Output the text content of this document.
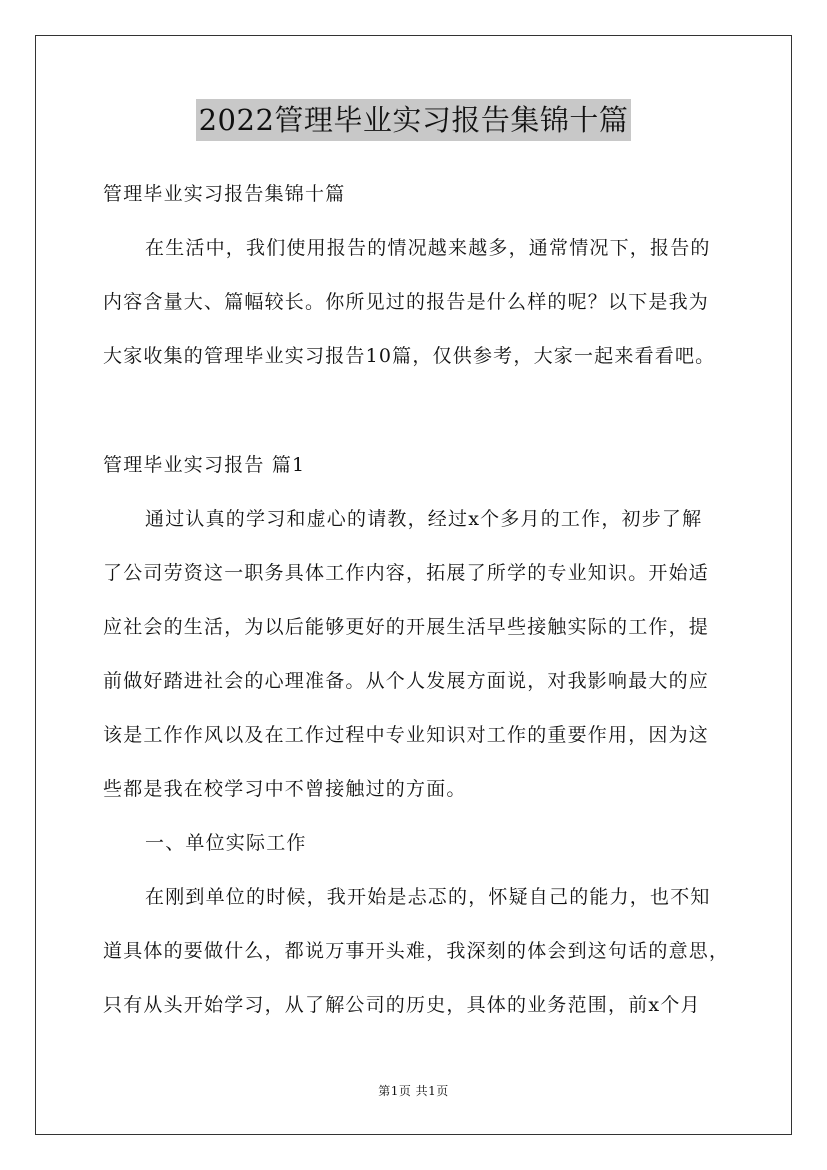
2022管理毕业实习报告集锦十篇
管理毕业实习报告集锦十篇
在生活中，我们使用报告的情况越来越多，通常情况下，报告的
内容含量大、篇幅较长。你所见过的报告是什么样的呢？以下是我为
大家收集的管理毕业实习报告10篇，仅供参考，大家一起来看看吧。
管理毕业实习报告 篇1
通过认真的学习和虚心的请教，经过x个多月的工作，初步了解
了公司劳资这一职务具体工作内容，拓展了所学的专业知识。开始适
应社会的生活，为以后能够更好的开展生活早些接触实际的工作，提
前做好踏进社会的心理准备。从个人发展方面说，对我影响最大的应
该是工作作风以及在工作过程中专业知识对工作的重要作用，因为这
些都是我在校学习中不曾接触过的方面。
一、单位实际工作
在刚到单位的时候，我开始是忐忑的，怀疑自己的能力，也不知
道具体的要做什么，都说万事开头难，我深刻的体会到这句话的意思，
只有从头开始学习，从了解公司的历史，具体的业务范围，前x个月
第1页 共1页
